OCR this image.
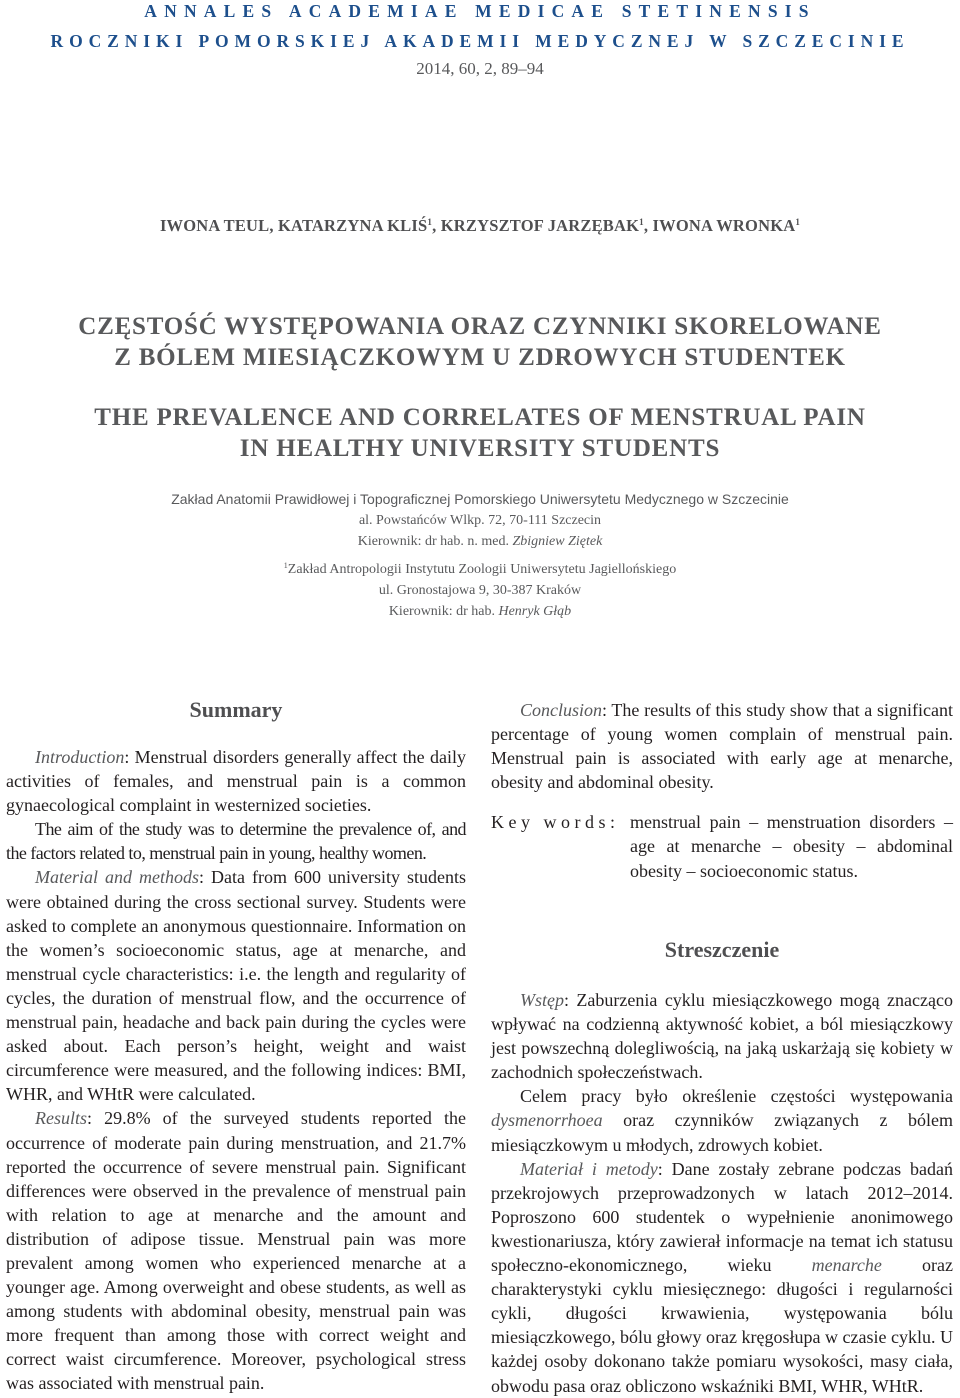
ANNALES ACADEMIAE MEDICAE STETINENSIS
ROCZNIKI POMORSKIEJ AKADEMII MEDYCZNEJ W SZCZECINIE
2014, 60, 2, 89–94
IWONA TEUL, KATARZYNA KLIŚ$^1$, KRZYSZTOF JARZĘBAK$^1$, IWONA WRONKA$^1$
CZĘSTOŚĆ WYSTĘPOWANIA ORAZ CZYNNIKI SKORELOWANE
Z BÓLEM MIESIĄCZKOWYM U ZDROWYCH STUDENTEK
THE PREVALENCE AND CORRELATES OF MENSTRUAL PAIN
IN HEALTHY UNIVERSITY STUDENTS
Zakład Anatomii Prawidłowej i Topograficznej Pomorskiego Uniwersytetu Medycznego w Szczecinie
al. Powstańców Wlkp. 72, 70-111 Szczecin
Kierownik: dr hab. n. med. Zbigniew Ziętek
$^1$Zakład Antropologii Instytutu Zoologii Uniwersytetu Jagiellońskiego
ul. Gronostajowa 9, 30-387 Kraków
Kierownik: dr hab. Henryk Głąb
Summary

Introduction: Menstrual disorders generally affect the daily activities of females, and menstrual pain is a common gynaecological complaint in westernized societies.

The aim of the study was to determine the prevalence of, and the factors related to, menstrual pain in young, healthy women.

Material and methods: Data from 600 university students were obtained during the cross sectional survey. Students were asked to complete an anonymous questionnaire. Information on the women’s socioeconomic status, age at menarche, and menstrual cycle characteristics: i.e. the length and regularity of cycles, the duration of menstrual flow, and the occurrence of menstrual pain, headache and back pain during the cycles were asked about. Each person’s height, weight and waist circumference were measured, and the following indices: BMI, WHR, and WHtR were calculated.

Results: 29.8% of the surveyed students reported the occurrence of moderate pain during menstruation, and 21.7% reported the occurrence of severe menstrual pain. Significant differences were observed in the prevalence of menstrual pain with relation to age at menarche and the amount and distribution of adipose tissue. Menstrual pain was more prevalent among women who experienced menarche at a younger age. Among overweight and obese students, as well as among students with abdominal obesity, menstrual pain was more frequent than among those with correct weight and correct waist circumference. Moreover, psychological stress was associated with menstrual pain.

Conclusion: The results of this study show that a significant percentage of young women complain of menstrual pain. Menstrual pain is associated with early age at menarche, obesity and abdominal obesity.

Key words: menstrual pain – menstruation disorders – age at menarche – obesity – abdominal obesity – socioeconomic status.
Streszczenie

Wstęp: Zaburzenia cyklu miesiączkowego mogą znacząco wpływać na codzienną aktywność kobiet, a ból miesiączkowy jest powszechną dolegliwością, na jaką uskarżają się kobiety w zachodnich społeczeństwach.

Celem pracy było określenie częstości występowania dysmenorrhoea oraz czynników związanych z bólem miesiączkowym u młodych, zdrowych kobiet.

Materiał i metody: Dane zostały zebrane podczas badań przekrojowych przeprowadzonych w latach 2012–2014. Poproszono 600 studentek o wypełnienie anonimowego kwestionariusza, który zawierał informacje na temat ich statusu społeczno-ekonomicznego, wieku menarche oraz charakterystyki cyklu miesięcznego: długości i regularności cykli, długości krwawienia, występowania bólu miesiączkowego, bólu głowy oraz kręgosłupa w czasie cyklu. U każdej osoby dokonano także pomiaru wysokości, masy ciała, obwodu pasa oraz obliczono wskaźniki BMI, WHR, WHtR.
